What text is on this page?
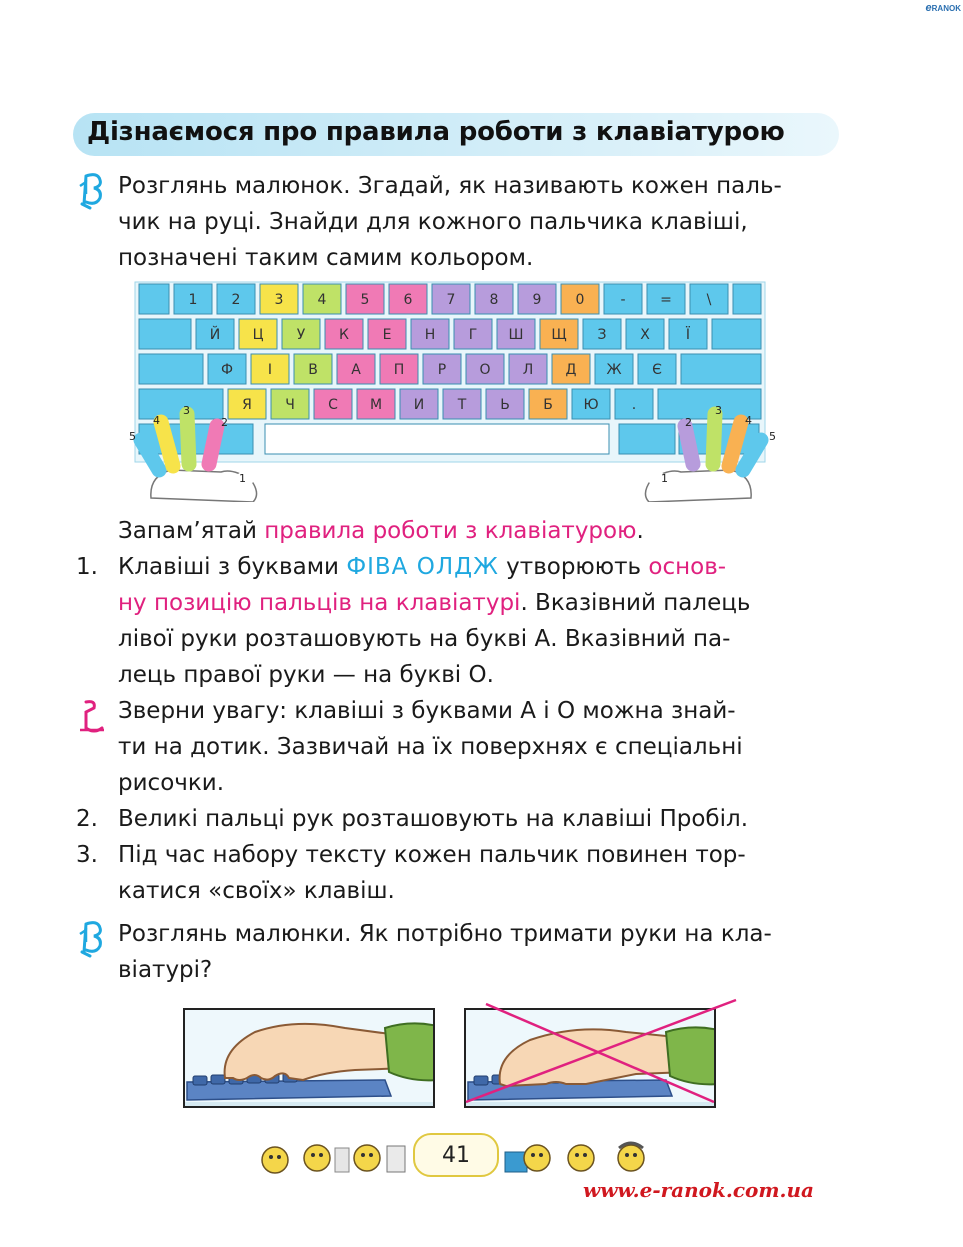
eRANOK
Дізнаємося про правила роботи з клавіатурою
Розглянь малюнок. Згадай, як називають кожен паль-
чик на руці. Знайди для кожного пальчика клавіші,
позначені таким самим кольором.
1 2 3 4 5 6 7 8 9 0	- = \
Й Ц У К Е Н Г Ш Щ З Х	Ї
Ф І	В А П Р О Л Д Ж Є
Я Ч С М И Т Ь Б Ю .
5
4
3
2
1	1
2
3
4
5
Запам’ятай правила роботи з клавіатурою.
1. Клавіші з буквами ФІВА ОЛДЖ утворюють основ-
ну позицію пальців на клавіатурі. Вказівний палець
лівої руки розташовують на букві А. Вказівний па-
лець правої руки — на букві О.
Зверни увагу: клавіші з буквами А і О можна знай-
ти на дотик. Зазвичай на їх поверхнях є спеціальні
рисочки.
2. Великі пальці рук розташовують на клавіші Пробіл.
3. Під час набору тексту кожен пальчик повинен тор-
катися «своїх» клавіш.
Розглянь малюнки. Як потрібно тримати руки на кла-
віатурі?
41
www.e-ranok.com.ua
